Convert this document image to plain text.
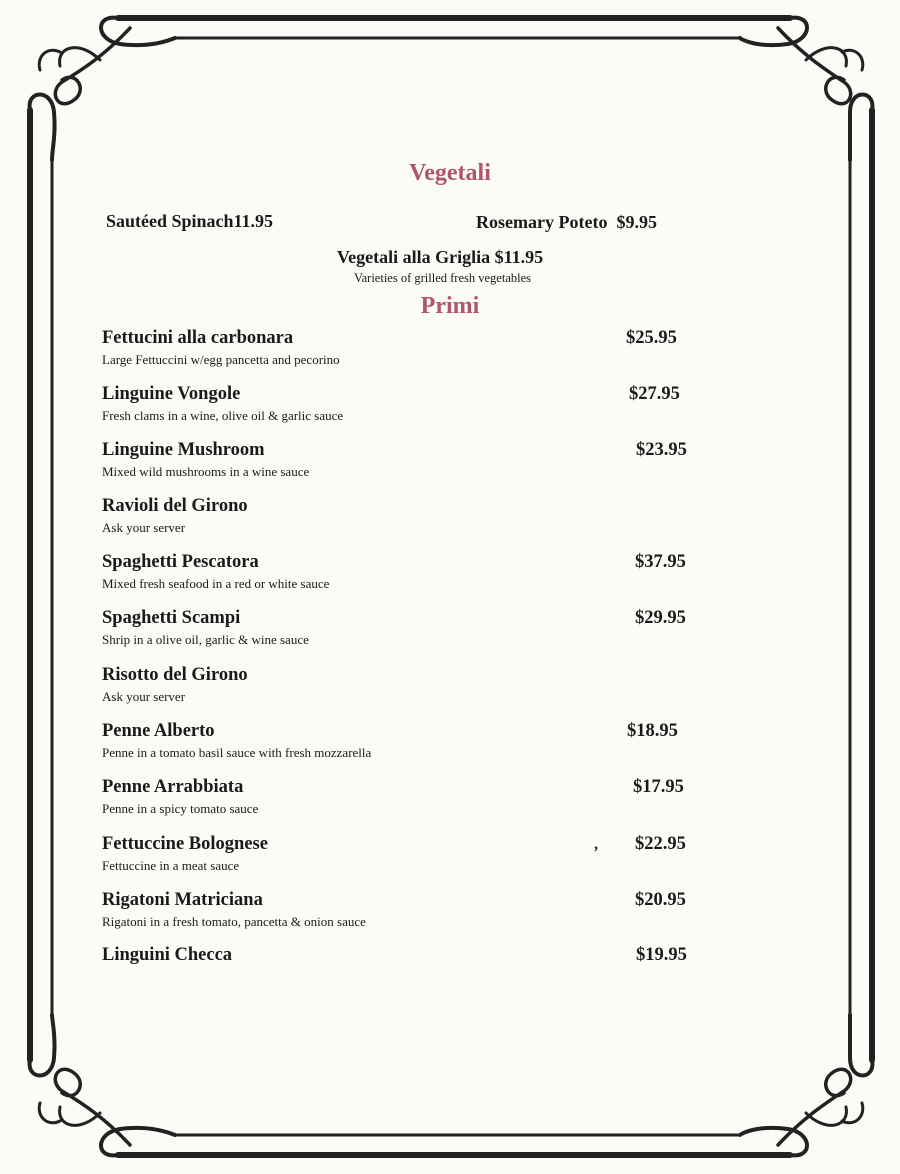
Vegetali
Sautéed Spinach11.95	Rosemary Poteto  $9.95
Vegetali alla Griglia $11.95
Varieties of grilled fresh vegetables
Primi
Fettucini alla carbonara
Large Fettuccini w/egg pancetta and pecorino
$25.95
Linguine Vongole
Fresh clams in a wine, olive oil & garlic sauce
$27.95
Linguine Mushroom
Mixed wild mushrooms in a wine sauce
$23.95
Ravioli del Girono
Ask your server
Spaghetti Pescatora
Mixed fresh seafood in a red or white sauce
$37.95
Spaghetti Scampi
Shrip in a olive oil, garlic & wine sauce
$29.95
Risotto del Girono
Ask your server
Penne Alberto
Penne in a tomato basil sauce with fresh mozzarella
$18.95
Penne Arrabbiata
Penne in a spicy tomato sauce
$17.95
Fettuccine Bolognese
Fettuccine in a meat sauce
, $22.95
Rigatoni Matriciana
Rigatoni in a fresh tomato, pancetta & onion sauce
$20.95
Linguini Checca	$19.95
